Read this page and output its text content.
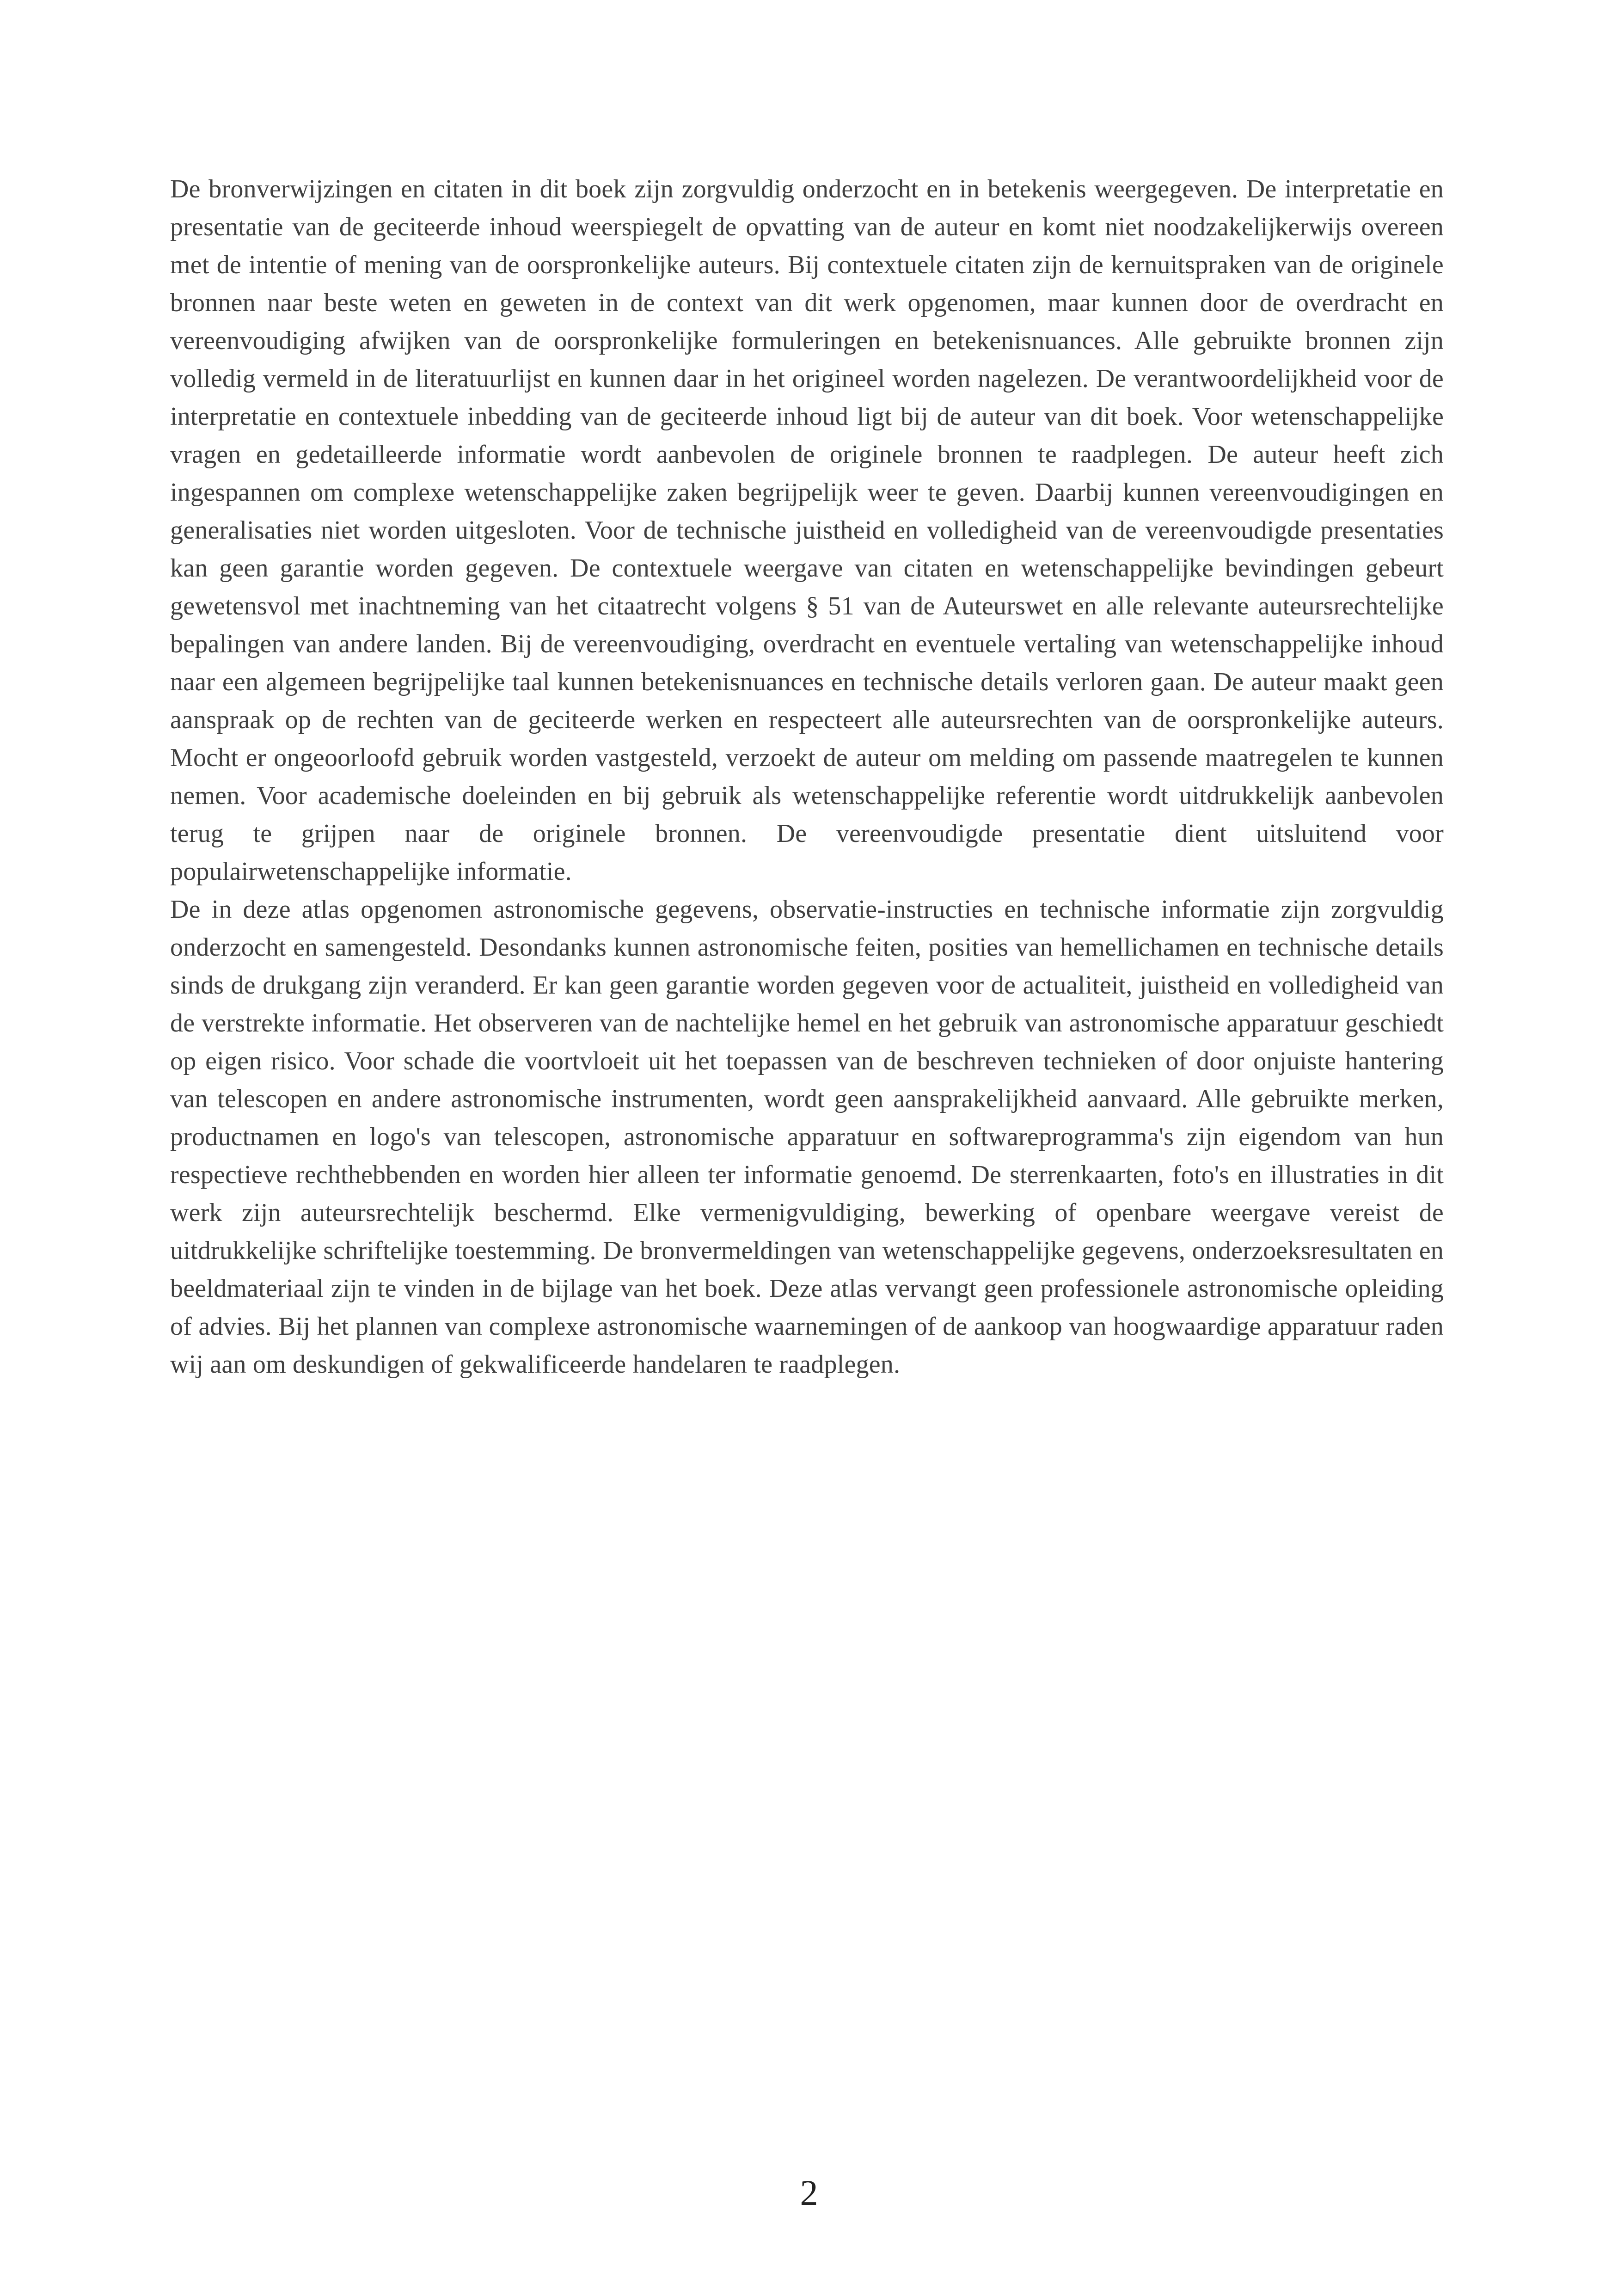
De bronverwijzingen en citaten in dit boek zijn zorgvuldig onderzocht en in betekenis weergegeven. De interpretatie en presentatie van de geciteerde inhoud weerspiegelt de opvatting van de auteur en komt niet noodzakelijkerwijs overeen met de intentie of mening van de oorspronkelijke auteurs. Bij contextuele citaten zijn de kernuitspraken van de originele bronnen naar beste weten en geweten in de context van dit werk opgenomen, maar kunnen door de overdracht en vereenvoudiging afwijken van de oorspronkelijke formuleringen en betekenisnuances. Alle gebruikte bronnen zijn volledig vermeld in de literatuurlijst en kunnen daar in het origineel worden nagelezen. De verantwoordelijkheid voor de interpretatie en contextuele inbedding van de geciteerde inhoud ligt bij de auteur van dit boek. Voor wetenschappelijke vragen en gedetailleerde informatie wordt aanbevolen de originele bronnen te raadplegen. De auteur heeft zich ingespannen om complexe wetenschappelijke zaken begrijpelijk weer te geven. Daarbij kunnen vereenvoudigingen en generalisaties niet worden uitgesloten. Voor de technische juistheid en volledigheid van de vereenvoudigde presentaties kan geen garantie worden gegeven. De contextuele weergave van citaten en wetenschappelijke bevindingen gebeurt gewetensvol met inachtneming van het citaatrecht volgens § 51 van de Auteurswet en alle relevante auteursrechtelijke bepalingen van andere landen. Bij de vereenvoudiging, overdracht en eventuele vertaling van wetenschappelijke inhoud naar een algemeen begrijpelijke taal kunnen betekenisnuances en technische details verloren gaan. De auteur maakt geen aanspraak op de rechten van de geciteerde werken en respecteert alle auteursrechten van de oorspronkelijke auteurs. Mocht er ongeoorloofd gebruik worden vastgesteld, verzoekt de auteur om melding om passende maatregelen te kunnen nemen. Voor academische doeleinden en bij gebruik als wetenschappelijke referentie wordt uitdrukkelijk aanbevolen terug te grijpen naar de originele bronnen. De vereenvoudigde presentatie dient uitsluitend voor populairwetenschappelijke informatie.

De in deze atlas opgenomen astronomische gegevens, observatie-instructies en technische informatie zijn zorgvuldig onderzocht en samengesteld. Desondanks kunnen astronomische feiten, posities van hemellichamen en technische details sinds de drukgang zijn veranderd. Er kan geen garantie worden gegeven voor de actualiteit, juistheid en volledigheid van de verstrekte informatie. Het observeren van de nachtelijke hemel en het gebruik van astronomische apparatuur geschiedt op eigen risico. Voor schade die voortvloeit uit het toepassen van de beschreven technieken of door onjuiste hantering van telescopen en andere astronomische instrumenten, wordt geen aansprakelijkheid aanvaard. Alle gebruikte merken, productnamen en logo's van telescopen, astronomische apparatuur en softwareprogramma's zijn eigendom van hun respectieve rechthebbenden en worden hier alleen ter informatie genoemd. De sterrenkaarten, foto's en illustraties in dit werk zijn auteursrechtelijk beschermd. Elke vermenigvuldiging, bewerking of openbare weergave vereist de uitdrukkelijke schriftelijke toestemming. De bronvermeldingen van wetenschappelijke gegevens, onderzoeksresultaten en beeldmateriaal zijn te vinden in de bijlage van het boek. Deze atlas vervangt geen professionele astronomische opleiding of advies. Bij het plannen van complexe astronomische waarnemingen of de aankoop van hoogwaardige apparatuur raden wij aan om deskundigen of gekwalificeerde handelaren te raadplegen.

2
